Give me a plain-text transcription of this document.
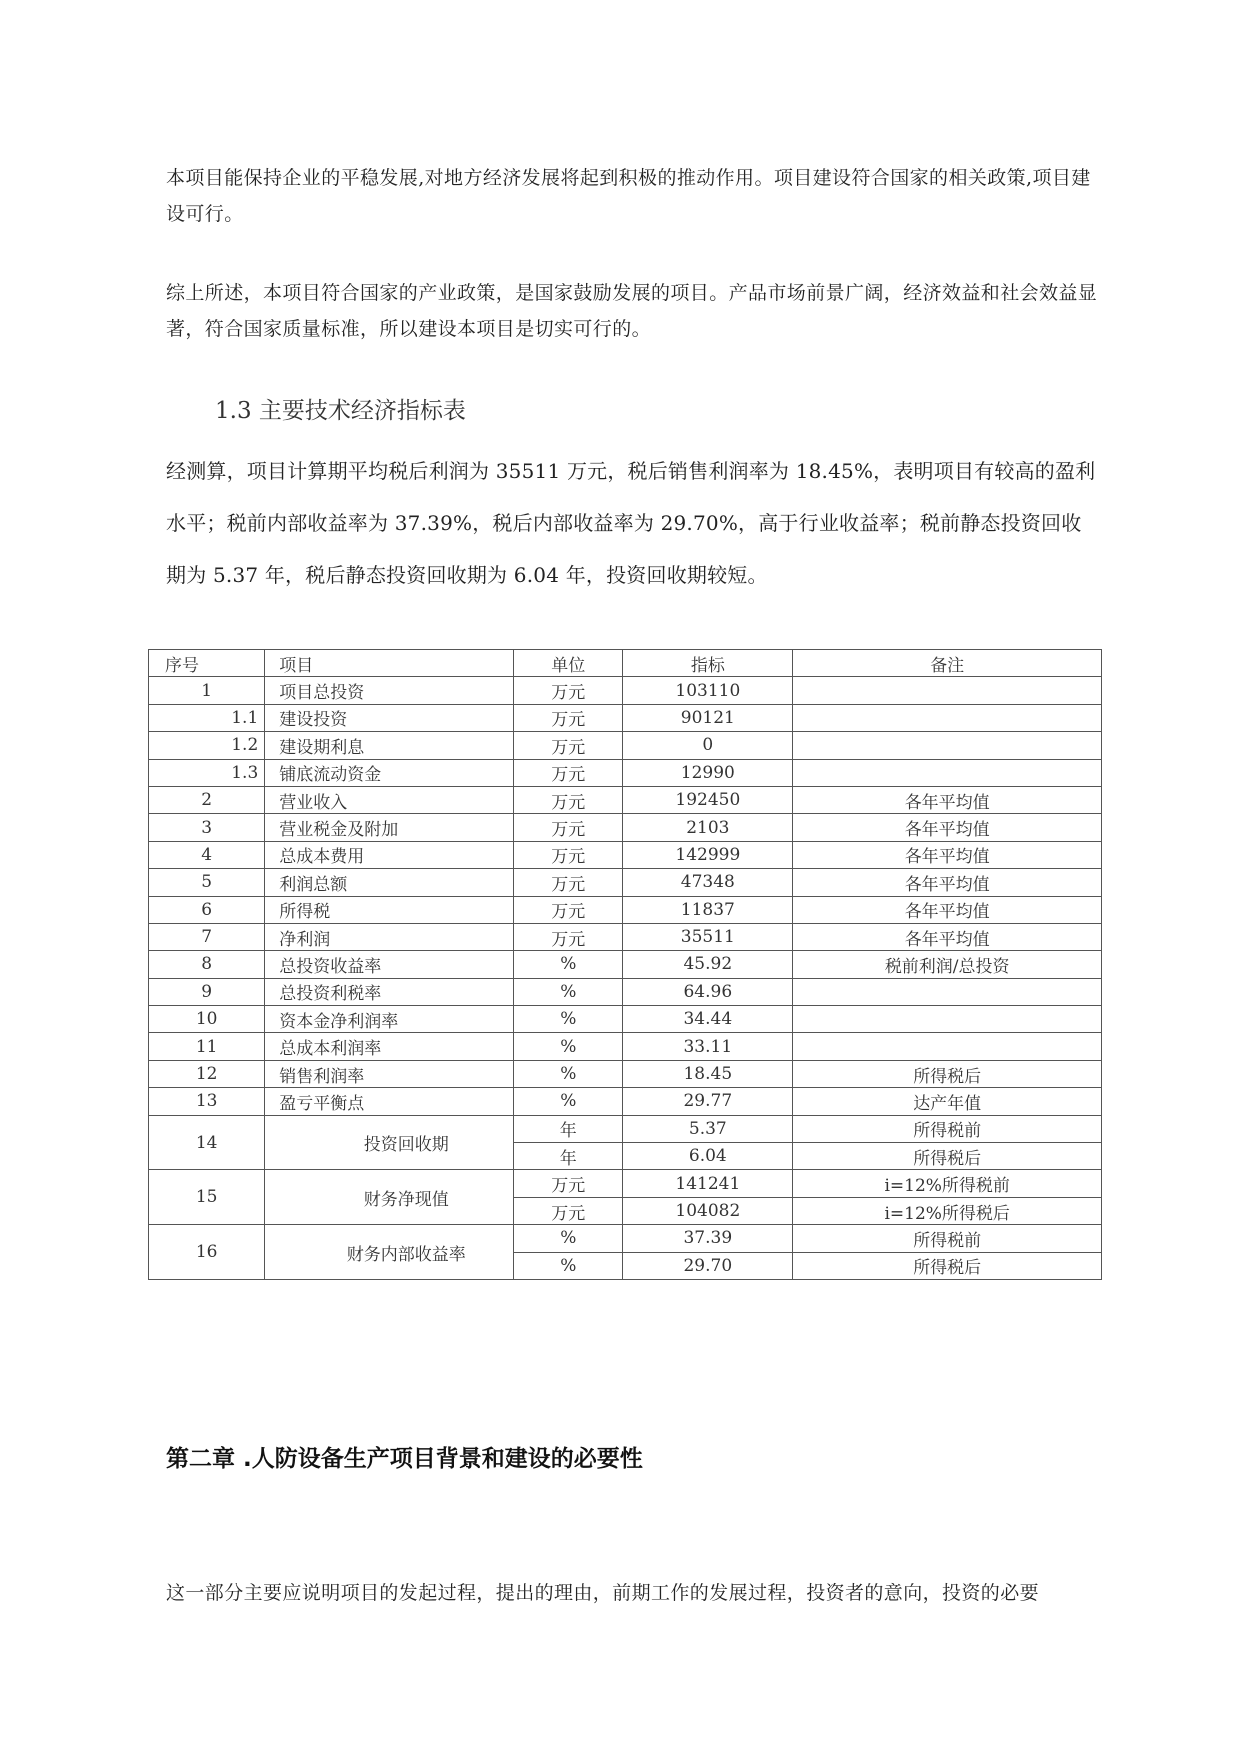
本项目能保持企业的平稳发展,对地方经济发展将起到积极的推动作用。项目建设符合国家的相关政策,项目建设可行。
综上所述，本项目符合国家的产业政策，是国家鼓励发展的项目。产品市场前景广阔，经济效益和社会效益显著，符合国家质量标准，所以建设本项目是切实可行的。
1.3 主要技术经济指标表
经测算，项目计算期平均税后利润为 35511 万元，税后销售利润率为 18.45%，表明项目有较高的盈利水平；税前内部收益率为 37.39%，税后内部收益率为 29.70%，高于行业收益率；税前静态投资回收期为 5.37 年，税后静态投资回收期为 6.04 年，投资回收期较短。
序号	项目	单位	指标	备注
1	项目总投资	万元	103110	
1.1	建设投资	万元	90121	
1.2	建设期利息	万元	0	
1.3	铺底流动资金	万元	12990	
2	营业收入	万元	192450	各年平均值
3	营业税金及附加	万元	2103	各年平均值
4	总成本费用	万元	142999	各年平均值
5	利润总额	万元	47348	各年平均值
6	所得税	万元	11837	各年平均值
7	净利润	万元	35511	各年平均值
8	总投资收益率	%	45.92	税前利润/总投资
9	总投资利税率	%	64.96	
10	资本金净利润率	%	34.44	
11	总成本利润率	%	33.11	
12	销售利润率	%	18.45	所得税后
13	盈亏平衡点	%	29.77	达产年值
14	投资回收期	年	5.37	所得税前
		年	6.04	所得税后
15	财务净现值	万元	141241	i=12%所得税前
		万元	104082	i=12%所得税后
16	财务内部收益率	%	37.39	所得税前
		%	29.70	所得税后
第二章 .人防设备生产项目背景和建设的必要性
这一部分主要应说明项目的发起过程，提出的理由，前期工作的发展过程，投资者的意向，投资的必要
